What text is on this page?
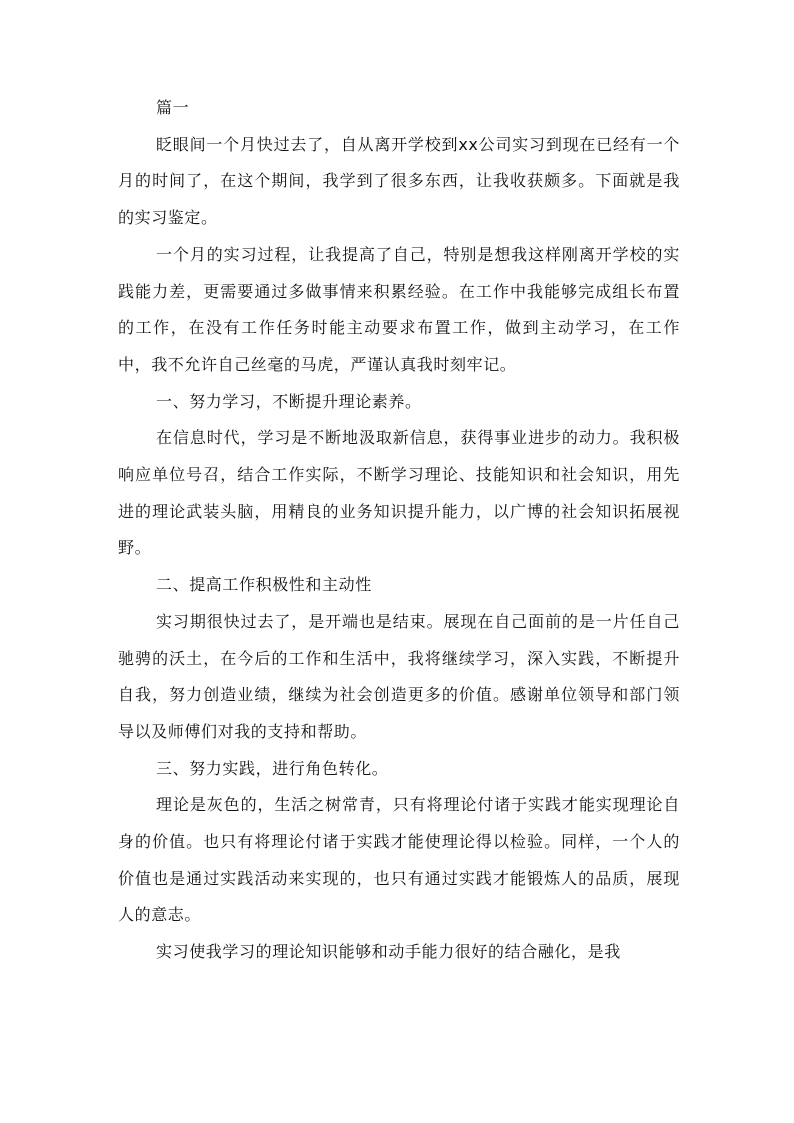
篇一

眨眼间一个月快过去了，自从离开学校到xx公司实习到现在已经有一个月的时间了，在这个期间，我学到了很多东西，让我收获颇多。下面就是我的实习鉴定。

一个月的实习过程，让我提高了自己，特别是想我这样刚离开学校的实践能力差，更需要通过多做事情来积累经验。在工作中我能够完成组长布置的工作，在没有工作任务时能主动要求布置工作，做到主动学习，在工作中，我不允许自己丝毫的马虎，严谨认真我时刻牢记。

一、努力学习，不断提升理论素养。

在信息时代，学习是不断地汲取新信息，获得事业进步的动力。我积极响应单位号召，结合工作实际，不断学习理论、技能知识和社会知识，用先进的理论武装头脑，用精良的业务知识提升能力，以广博的社会知识拓展视野。

二、提高工作积极性和主动性

实习期很快过去了，是开端也是结束。展现在自己面前的是一片任自己驰骋的沃土，在今后的工作和生活中，我将继续学习，深入实践，不断提升自我，努力创造业绩，继续为社会创造更多的价值。感谢单位领导和部门领导以及师傅们对我的支持和帮助。

三、努力实践，进行角色转化。

理论是灰色的，生活之树常青，只有将理论付诸于实践才能实现理论自身的价值。也只有将理论付诸于实践才能使理论得以检验。同样，一个人的价值也是通过实践活动来实现的，也只有通过实践才能锻炼人的品质，展现人的意志。

实习使我学习的理论知识能够和动手能力很好的结合融化，是我
